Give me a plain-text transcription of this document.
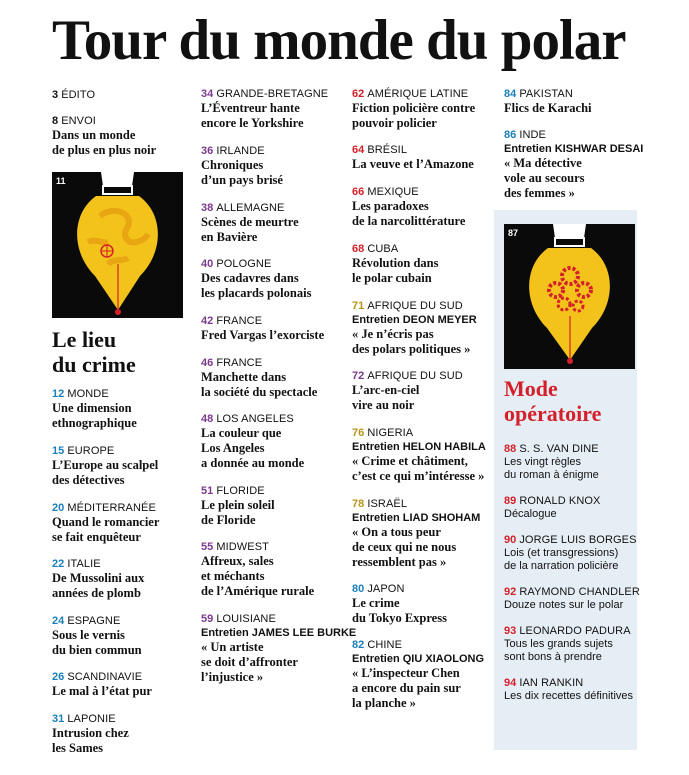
Tour du monde du polar
3 ÉDITO
8 ENVOI
Dans un monde
de plus en plus noir
11
Le lieu
du crime
12 MONDE
Une dimension
ethnographique
15 EUROPE
L’Europe au scalpel
des détectives
20 MÉDITERRANÉE
Quand le romancier
se fait enquêteur
22 ITALIE
De Mussolini aux
années de plomb
24 ESPAGNE
Sous le vernis
du bien commun
26 SCANDINAVIE
Le mal à l’état pur
31 LAPONIE
Intrusion chez
les Sames
34 GRANDE-BRETAGNE
L’Éventreur hante
encore le Yorkshire
36 IRLANDE
Chroniques
d’un pays brisé
38 ALLEMAGNE
Scènes de meurtre
en Bavière
40 POLOGNE
Des cadavres dans
les placards polonais
42 FRANCE
Fred Vargas l’exorciste
46 FRANCE
Manchette dans
la société du spectacle
48 LOS ANGELES
La couleur que
Los Angeles
a donnée au monde
51 FLORIDE
Le plein soleil
de Floride
55 MIDWEST
Affreux, sales
et méchants
de l’Amérique rurale
59 LOUISIANE
Entretien JAMES LEE BURKE
« Un artiste
se doit d’affronter
l’injustice »
62 AMÉRIQUE LATINE
Fiction policière contre
pouvoir policier
64 BRÉSIL
La veuve et l’Amazone
66 MEXIQUE
Les paradoxes
de la narcolittérature
68 CUBA
Révolution dans
le polar cubain
71 AFRIQUE DU SUD
Entretien DEON MEYER
« Je n’écris pas
des polars politiques »
72 AFRIQUE DU SUD
L’arc-en-ciel
vire au noir
76 NIGERIA
Entretien HELON HABILA
« Crime et châtiment,
c’est ce qui m’intéresse »
78 ISRAËL
Entretien LIAD SHOHAM
« On a tous peur
de ceux qui ne nous
ressemblent pas »
80 JAPON
Le crime
du Tokyo Express
82 CHINE
Entretien QIU XIAOLONG
« L’inspecteur Chen
a encore du pain sur
la planche »
84 PAKISTAN
Flics de Karachi
86 INDE
Entretien KISHWAR DESAI
« Ma détective
vole au secours
des femmes »
87
Mode
opératoire
88 S. S. VAN DINE
Les vingt règles
du roman à énigme
89 RONALD KNOX
Décalogue
90 JORGE LUIS BORGES
Lois (et transgressions)
de la narration policière
92 RAYMOND CHANDLER
Douze notes sur le polar
93 LEONARDO PADURA
Tous les grands sujets
sont bons à prendre
94 IAN RANKIN
Les dix recettes définitives
